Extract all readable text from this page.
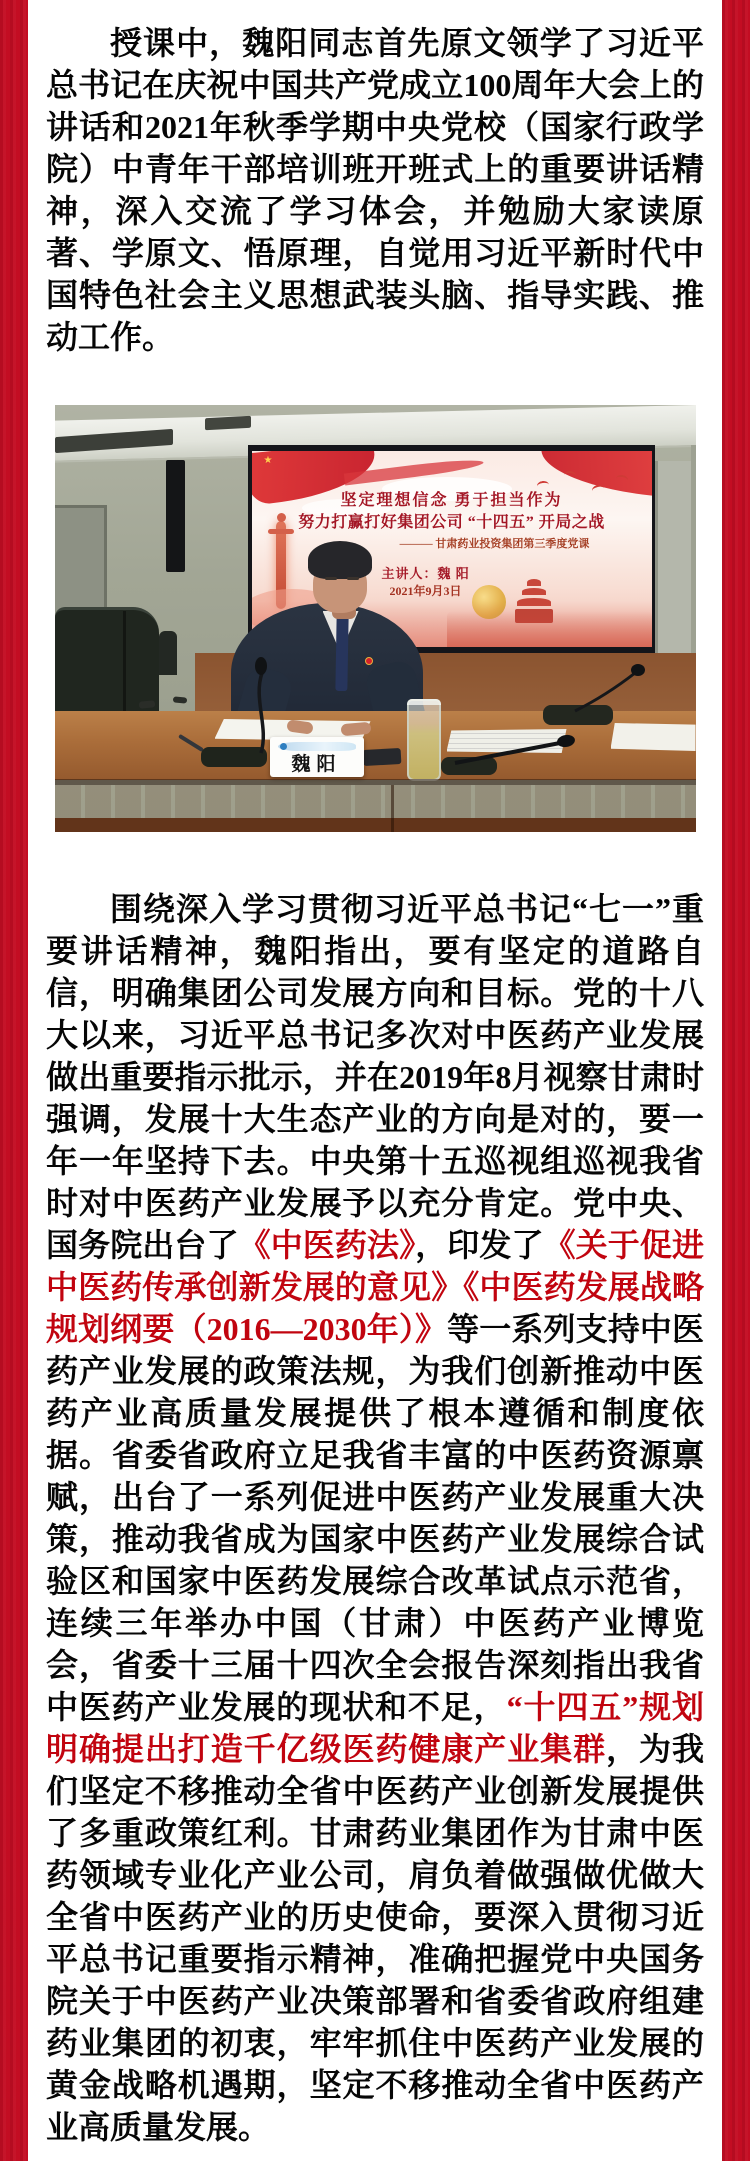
授课中，魏阳同志首先原文领学了习近平总书记在庆祝中国共产党成立100周年大会上的讲话和2021年秋季学期中央党校（国家行政学院）中青年干部培训班开班式上的重要讲话精神，深入交流了学习体会，并勉励大家读原著、学原文、悟原理，自觉用习近平新时代中国特色社会主义思想武装头脑、指导实践、推动工作。

★
坚定理想信念 勇于担当作为
努力打赢打好集团公司 “十四五” 开局之战
——— 甘肃药业投资集团第三季度党课
主讲人：魏 阳
2021年9月3日
魏阳

围绕深入学习贯彻习近平总书记“七一”重要讲话精神，魏阳指出，要有坚定的道路自信，明确集团公司发展方向和目标。党的十八大以来，习近平总书记多次对中医药产业发展做出重要指示批示，并在2019年8月视察甘肃时强调，发展十大生态产业的方向是对的，要一年一年坚持下去。中央第十五巡视组巡视我省时对中医药产业发展予以充分肯定。党中央、国务院出台了《中医药法》，印发了《关于促进中医药传承创新发展的意见》《中医药发展战略规划纲要（2016—2030年）》等一系列支持中医药产业发展的政策法规，为我们创新推动中医药产业高质量发展提供了根本遵循和制度依据。省委省政府立足我省丰富的中医药资源禀赋，出台了一系列促进中医药产业发展重大决策，推动我省成为国家中医药产业发展综合试验区和国家中医药发展综合改革试点示范省，连续三年举办中国（甘肃）中医药产业博览会，省委十三届十四次全会报告深刻指出我省中医药产业发展的现状和不足，“十四五”规划明确提出打造千亿级医药健康产业集群，为我们坚定不移推动全省中医药产业创新发展提供了多重政策红利。甘肃药业集团作为甘肃中医药领域专业化产业公司，肩负着做强做优做大全省中医药产业的历史使命，要深入贯彻习近平总书记重要指示精神，准确把握党中央国务院关于中医药产业决策部署和省委省政府组建药业集团的初衷，牢牢抓住中医药产业发展的黄金战略机遇期，坚定不移推动全省中医药产业高质量发展。
